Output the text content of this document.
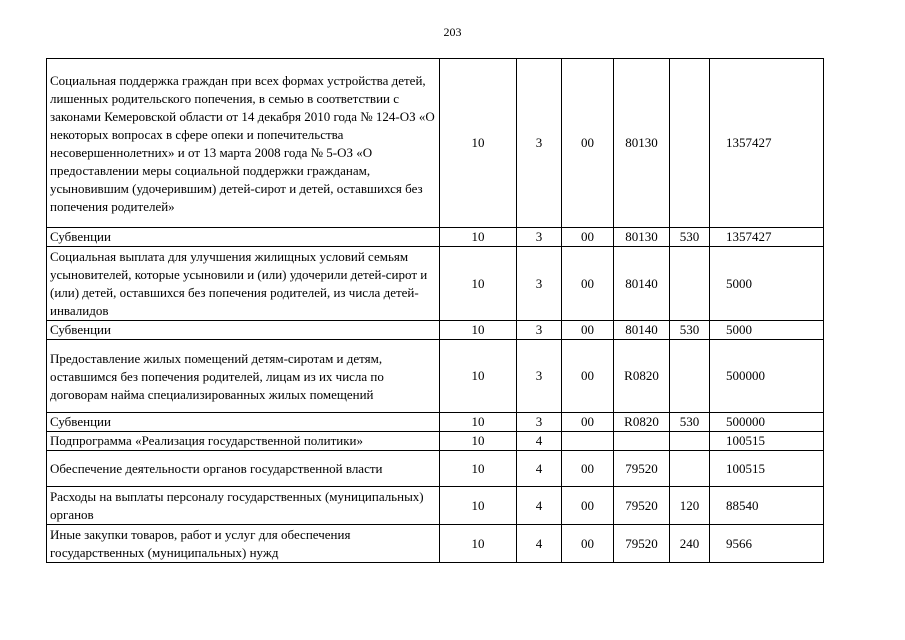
203
Социальная поддержка граждан при всех формах устройства детей, лишенных родительского попечения, в семью в соответствии с законами Кемеровской области от 14 декабря 2010 года № 124-ОЗ «О некоторых вопросах в сфере опеки и попечительства несовершеннолетних» и от 13 марта 2008 года № 5-ОЗ «О предоставлении меры социальной поддержки гражданам, усыновившим (удочерившим) детей-сирот и детей, оставшихся без попечения родителей»	10	3	00	80130		1357427
Субвенции	10	3	00	80130	530	1357427
Социальная выплата для улучшения жилищных условий семьям усыновителей, которые усыновили и (или) удочерили детей-сирот и (или) детей, оставшихся без попечения родителей, из числа детей-инвалидов	10	3	00	80140		5000
Субвенции	10	3	00	80140	530	5000
Предоставление жилых помещений детям-сиротам и детям, оставшимся без попечения родителей, лицам из их числа по договорам найма специализированных жилых помещений	10	3	00	R0820		500000
Субвенции	10	3	00	R0820	530	500000
Подпрограмма «Реализация государственной политики»	10	4				100515
Обеспечение деятельности органов государственной власти	10	4	00	79520		100515
Расходы на выплаты персоналу государственных (муниципальных) органов	10	4	00	79520	120	88540
Иные закупки товаров, работ и услуг для обеспечения государственных (муниципальных) нужд	10	4	00	79520	240	9566
